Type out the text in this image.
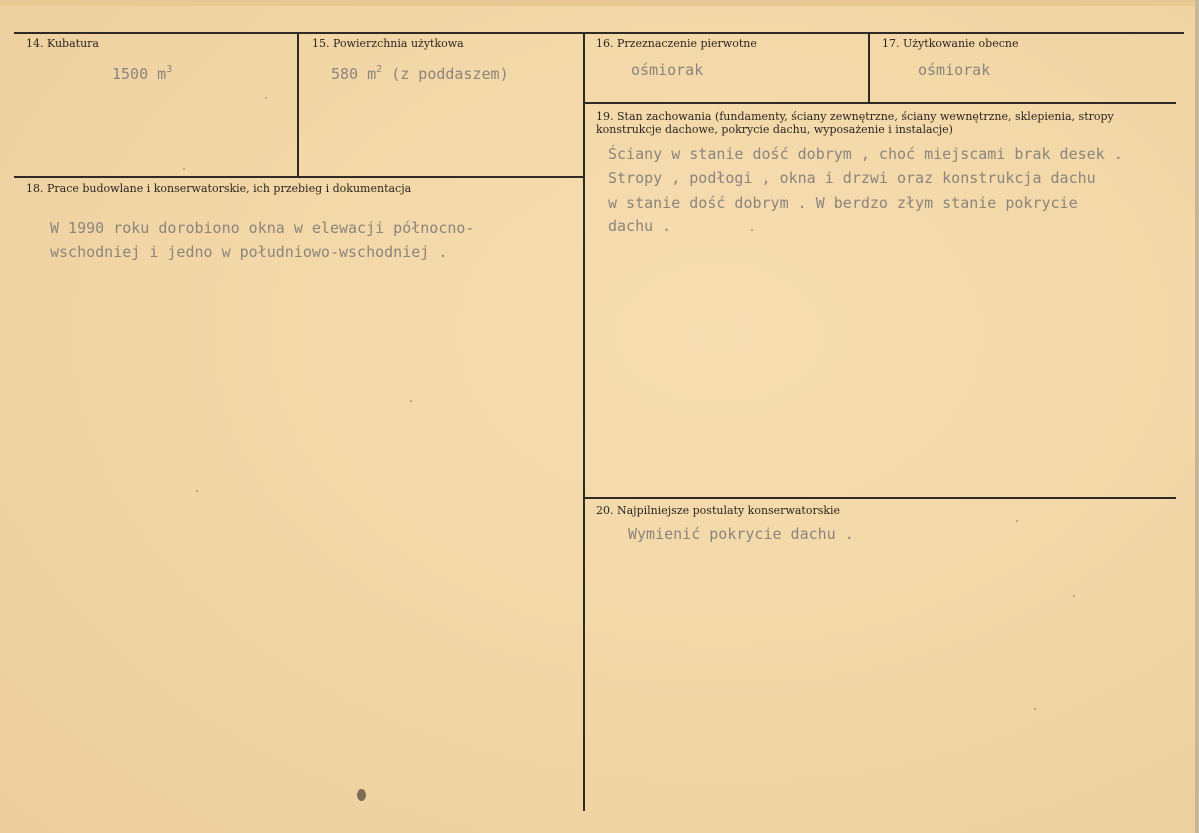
14. Kubatura
1500 $m^3$
15. Powierzchnia użytkowa
580 $m^2$ (z poddaszem)
16. Przeznaczenie pierwotne
ośmiorak
17. Użytkowanie obecne
ośmiorak
18. Prace budowlane i konserwatorskie, ich przebieg i dokumentacja
W 1990 roku dorobiono okna w elewacji północno-
wschodniej i jedno w południowo-wschodniej .
19. Stan zachowania (fundamenty, ściany zewnętrzne, ściany wewnętrzne, sklepienia, stropy konstrukcje dachowe, pokrycie dachu, wyposażenie i instalacje)
Ściany w stanie dość dobrym , choć miejscami brak desek .
Stropy , podłogi , okna i drzwi oraz konstrukcja dachu
w stanie dość dobrym . W berdzo złym stanie pokrycie
dachu .
20. Najpilniejsze postulaty konserwatorskie
Wymienić pokrycie dachu .
